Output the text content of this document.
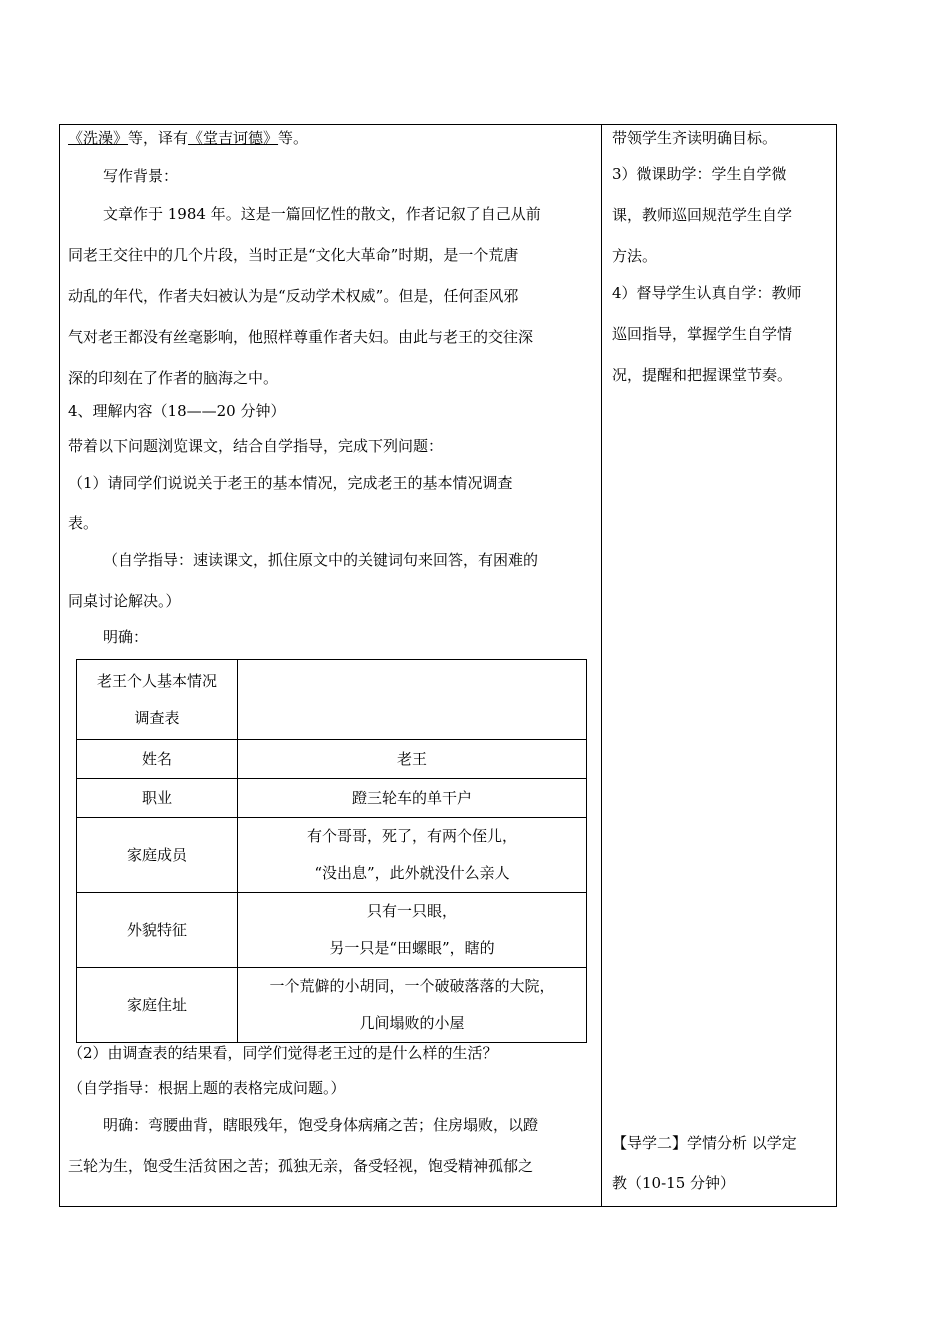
《洗澡》等，译有《堂吉诃德》等。
写作背景：
文章作于 1984 年。这是一篇回忆性的散文，作者记叙了自己从前
同老王交往中的几个片段，当时正是“文化大革命”时期，是一个荒唐
动乱的年代，作者夫妇被认为是“反动学术权威”。但是，任何歪风邪
气对老王都没有丝毫影响，他照样尊重作者夫妇。由此与老王的交往深
深的印刻在了作者的脑海之中。
4、理解内容（18——20 分钟）
带着以下问题浏览课文，结合自学指导，完成下列问题：
（1）请同学们说说关于老王的基本情况，完成老王的基本情况调查
表。
（自学指导：速读课文，抓住原文中的关键词句来回答，有困难的
同桌讨论解决。）
明确：

老王个人基本情况

调查表	

姓名	老王

职业	蹬三轮车的单干户

家庭成员	有个哥哥，死了，有两个侄儿，

“没出息”，此外就没什么亲人

外貌特征	只有一只眼，

另一只是“田螺眼”，瞎的

家庭住址	一个荒僻的小胡同，一个破破落落的大院，

几间塌败的小屋

（2）由调查表的结果看，同学们觉得老王过的是什么样的生活？
（自学指导：根据上题的表格完成问题。）
明确：弯腰曲背，瞎眼残年，饱受身体病痛之苦；住房塌败，以蹬
三轮为生，饱受生活贫困之苦；孤独无亲，备受轻视，饱受精神孤郁之
带领学生齐读明确目标。
3）微课助学：学生自学微
课，教师巡回规范学生自学
方法。
4）督导学生认真自学：教师
巡回指导，掌握学生自学情
况，提醒和把握课堂节奏。
【导学二】学情分析 以学定
教（10-15 分钟）
